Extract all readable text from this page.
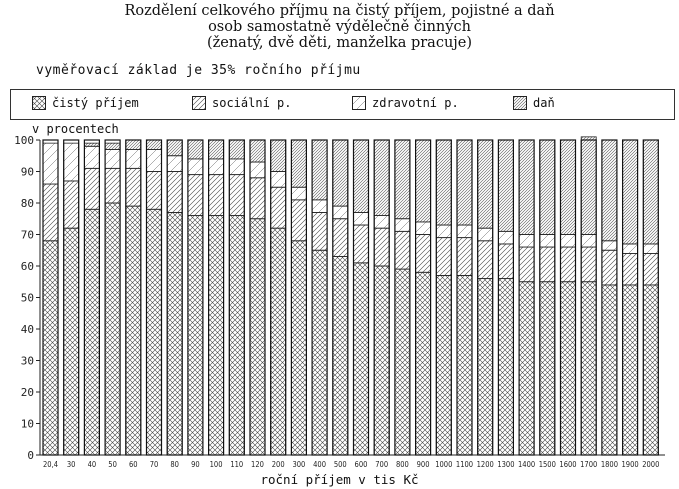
Rozdělení celkového příjmu na čistý příjem, pojistné a daň
osob samostatně výdělečně činných
(ženatý, dvě děti, manželka pracuje)
vyměřovací základ je 35% ročního příjmu
čistý příjem	sociální p.	zdravotní p.	daň
v procentech
roční příjem v tis Kč
0
10
20
30
40
50
60
70
80
90
100
20,4 30 40 50 60 70 80 90 100 110 120 200 300 400 500 600 700 800 900 1000 1100 1200 1300 1400 1500 1600 1700 1800 1900 2000
